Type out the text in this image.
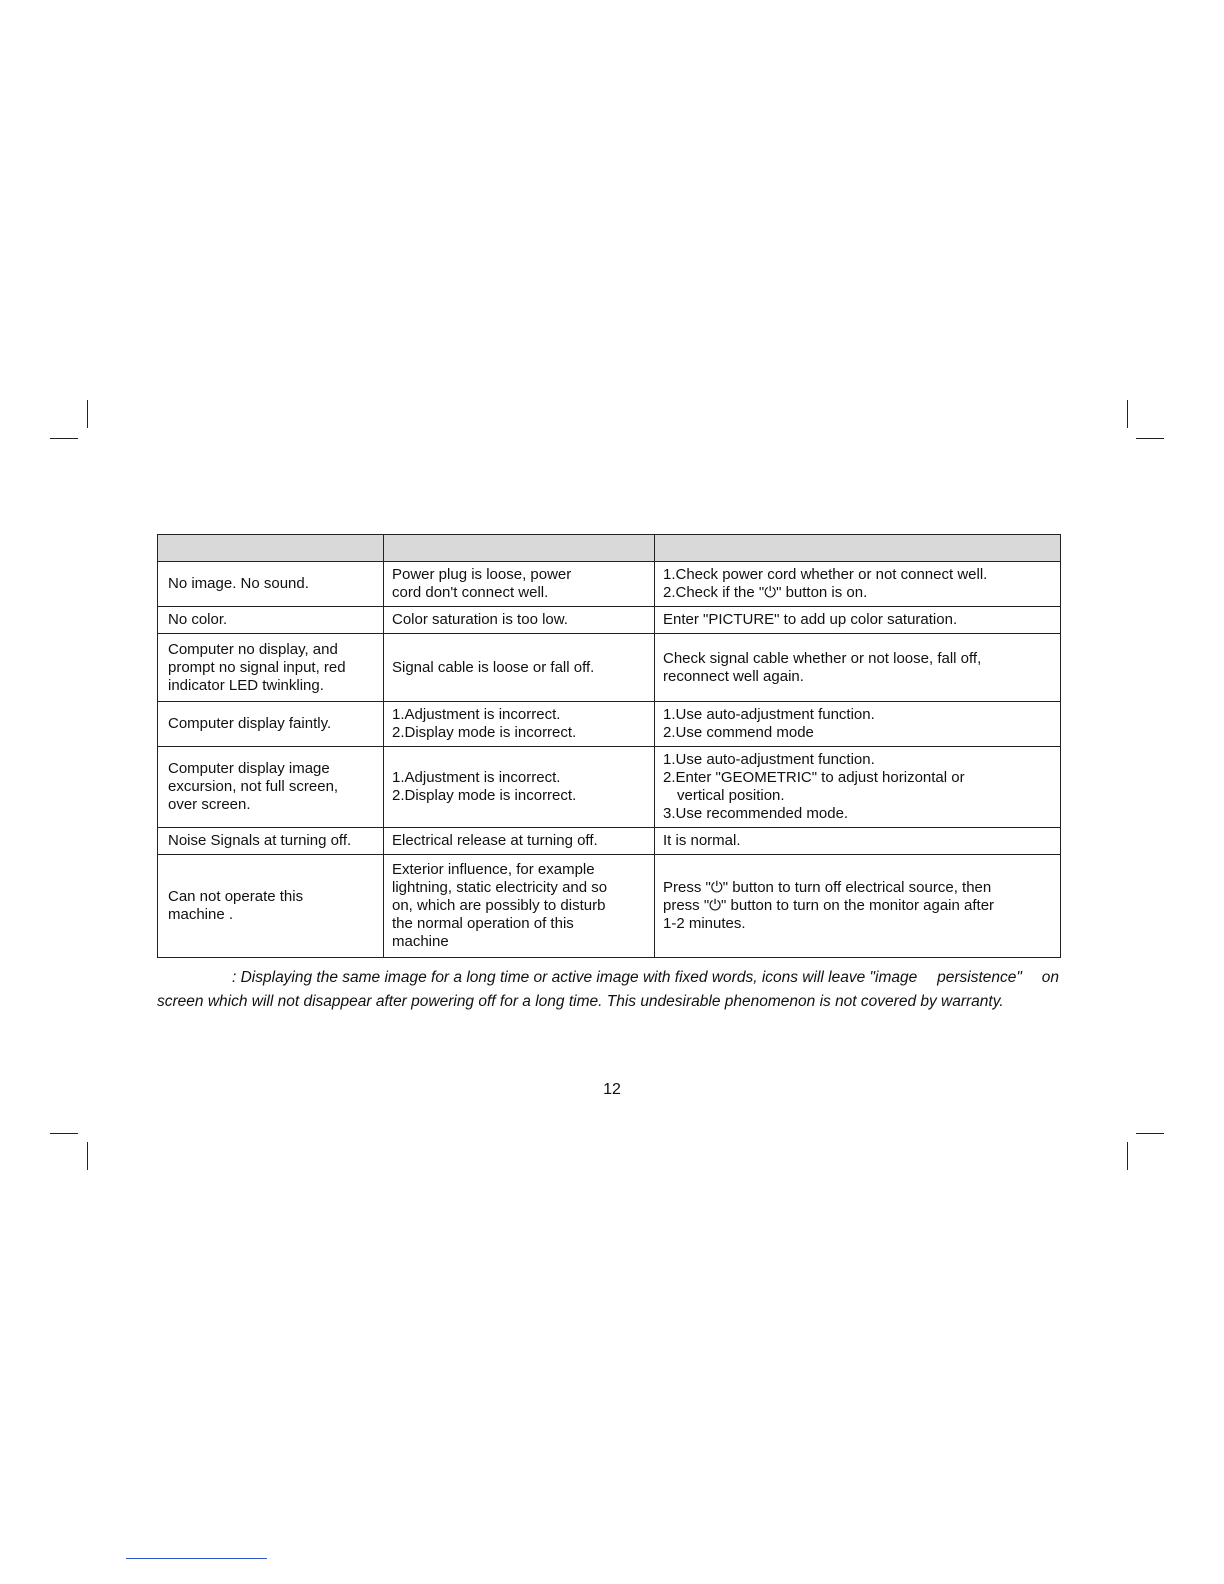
No image. No sound.	Power plug is loose, power
cord don't connect well.	1.Check power cord whether or not connect well.
2.Check if the "⏻" button is on.

No color.	Color saturation is too low.	Enter "PICTURE" to add up color saturation.

Computer no display, and
prompt no signal input, red
indicator LED twinkling.	Signal cable is loose or fall off.	Check signal cable whether or not loose, fall off,
reconnect well again.

Computer display faintly.	1.Adjustment is incorrect.
2.Display mode is incorrect.	1.Use auto-adjustment function.
2.Use commend mode

Computer display image
excursion, not full screen,
over screen.	1.Adjustment is incorrect.
2.Display mode is incorrect.	1.Use auto-adjustment function.
2.Enter "GEOMETRIC" to adjust horizontal or
vertical position.
3.Use recommended mode.

Noise Signals at turning off.	Electrical release at turning off.	It is normal.

Can not operate this
machine .	Exterior influence, for example
lightning, static electricity and so
on, which are possibly to disturb
the normal operation of this
machine	Press "⏻" button to turn off electrical source, then
press "⏻" button to turn on the monitor again after
1-2 minutes.
: Displaying the same image for a long time or active image with fixed words, icons will leave "image persistence" on screen which will not disappear after powering off for a long time. This undesirable phenomenon is not covered by warranty.
12
